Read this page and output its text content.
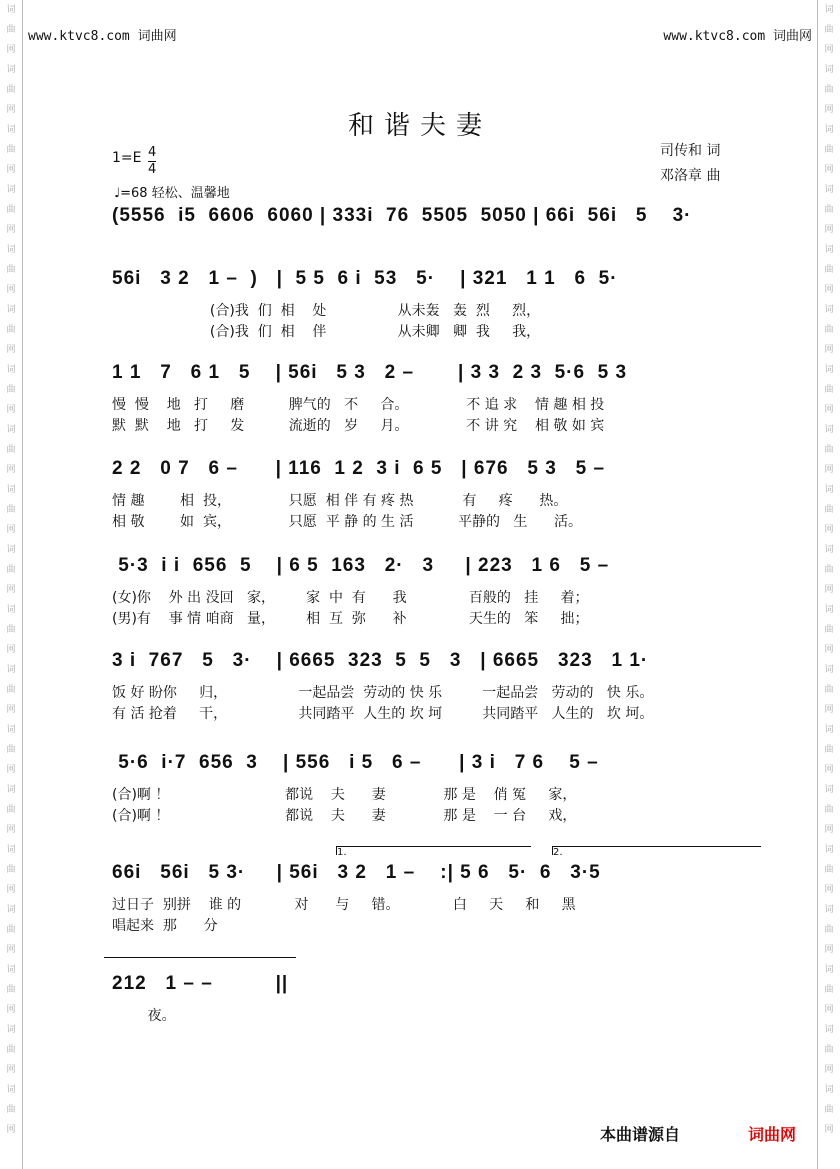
词
曲
网
词
曲
网
词
曲
网
词
曲
网
词
曲
网
词
曲
网
词
曲
网
词
曲
网
词
曲
网
词
曲
网
词
曲
网
词
曲
网
词
曲
网
词
曲
网
词
曲
网
词
曲
网
词
曲
网
词
曲
网
词
曲
网
词
曲
网
词
曲
网
词
曲
网
词
曲
网
词
曲
网
词
曲
网
词
曲
网
词
曲
网
词
曲
网
词
曲
网
词
曲
网
词
曲
网
词
曲
网
词
曲
网
词
曲
网
词
曲
网
词
曲
网
词
曲
网
词
曲
网
www.ktvc8.com 词曲网	www.ktvc8.com 词曲网
和谐夫妻
司传和 词
邓洛章 曲
$1=E \frac{4}{4}$
♩=68 轻松、温馨地
(5556  i5  6606  6060 | 333i  76  5505  5050 | 66i  56i   5    3·
56i   3 2   1 –  )   |  5 5  6 i  53   5·    | 321   1 1   6  5·
(合)我  们  相    处                从未轰   轰  烈     烈，
(合)我  们  相    伴                从未卿   卿  我     我，
1 1   7   6 1   5    | 56i   5 3   2 –       | 3 3  2 3  5·6  5 3
慢  慢    地   打     磨          脾气的   不     合。             不 追 求    情 趣 相 投
默  默    地   打     发          流逝的   岁     月。             不 讲 究    相 敬 如 宾
2 2   0 7   6 –      | 116  1 2  3 i  6 5   | 676   5 3   5 –
情 趣        相  投，             只愿  相 伴 有 疼 热           有     疼      热。
相 敬        如  宾，             只愿  平 静 的 生 活          平静的   生      活。
5·3  i i  656  5    | 6 5  163   2·   3     | 223   1 6   5 –
(女)你    外 出 没回   家，       家  中  有      我              百般的   挂     着；
(男)有    事 情 咱商   量，       相  互  弥      补              天生的   笨     拙；
3 i  767   5   3·    | 6665  323  5  5   3   | 6665   323   1 1·
饭 好 盼你     归，                一起品尝  劳动的 快 乐         一起品尝   劳动的   快 乐。
有 活 抢着     干，                共同踏平  人生的 坎 坷         共同踏平   人生的   坎 坷。
5·6  i·7  656  3    | 556   i 5   6 –      | 3 i   7 6    5 –
(合)啊 ！                          都说    夫      妻             那 是    俏 冤     家，
(合)啊 ！                          都说    夫      妻             那 是    一 台     戏，
66i   56i   5 3·     | 56i   3 2   1 –    :| 5 6   5·  6   3·5
过日子  别拼    谁 的            对      与     错。            白     天     和     黑
唱起来  那      分
212   1 – –          ||
夜。
1.	2.
本曲谱源自	词曲网
